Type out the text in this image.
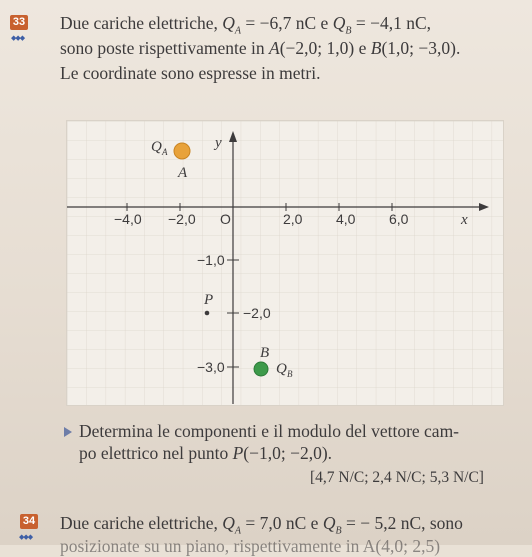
33
◆◆◆
Due cariche elettriche, $Q_A = -6,7$ nC e $Q_B = -4,1$ nC,
sono poste rispettivamente in A(−2,0; 1,0) e B(1,0; −3,0).
Le coordinate sono espresse in metri.
−4,0 −2,0 O	2,0 4,0 6,0	x
y
−1,0
−2,0
−3,0
Q A
A
P
B
Q B
Determina le componenti e il modulo del vettore cam-
po elettrico nel punto P(−1,0; −2,0).
[4,7 N/C; 2,4 N/C; 5,3 N/C]
34
◆◆◆
Due cariche elettriche, $Q_A = 7,0$ nC e $Q_B$ = − 5,2 nC, sono
posizionate su un piano, rispettivamente in A(4,0; 2,5)
